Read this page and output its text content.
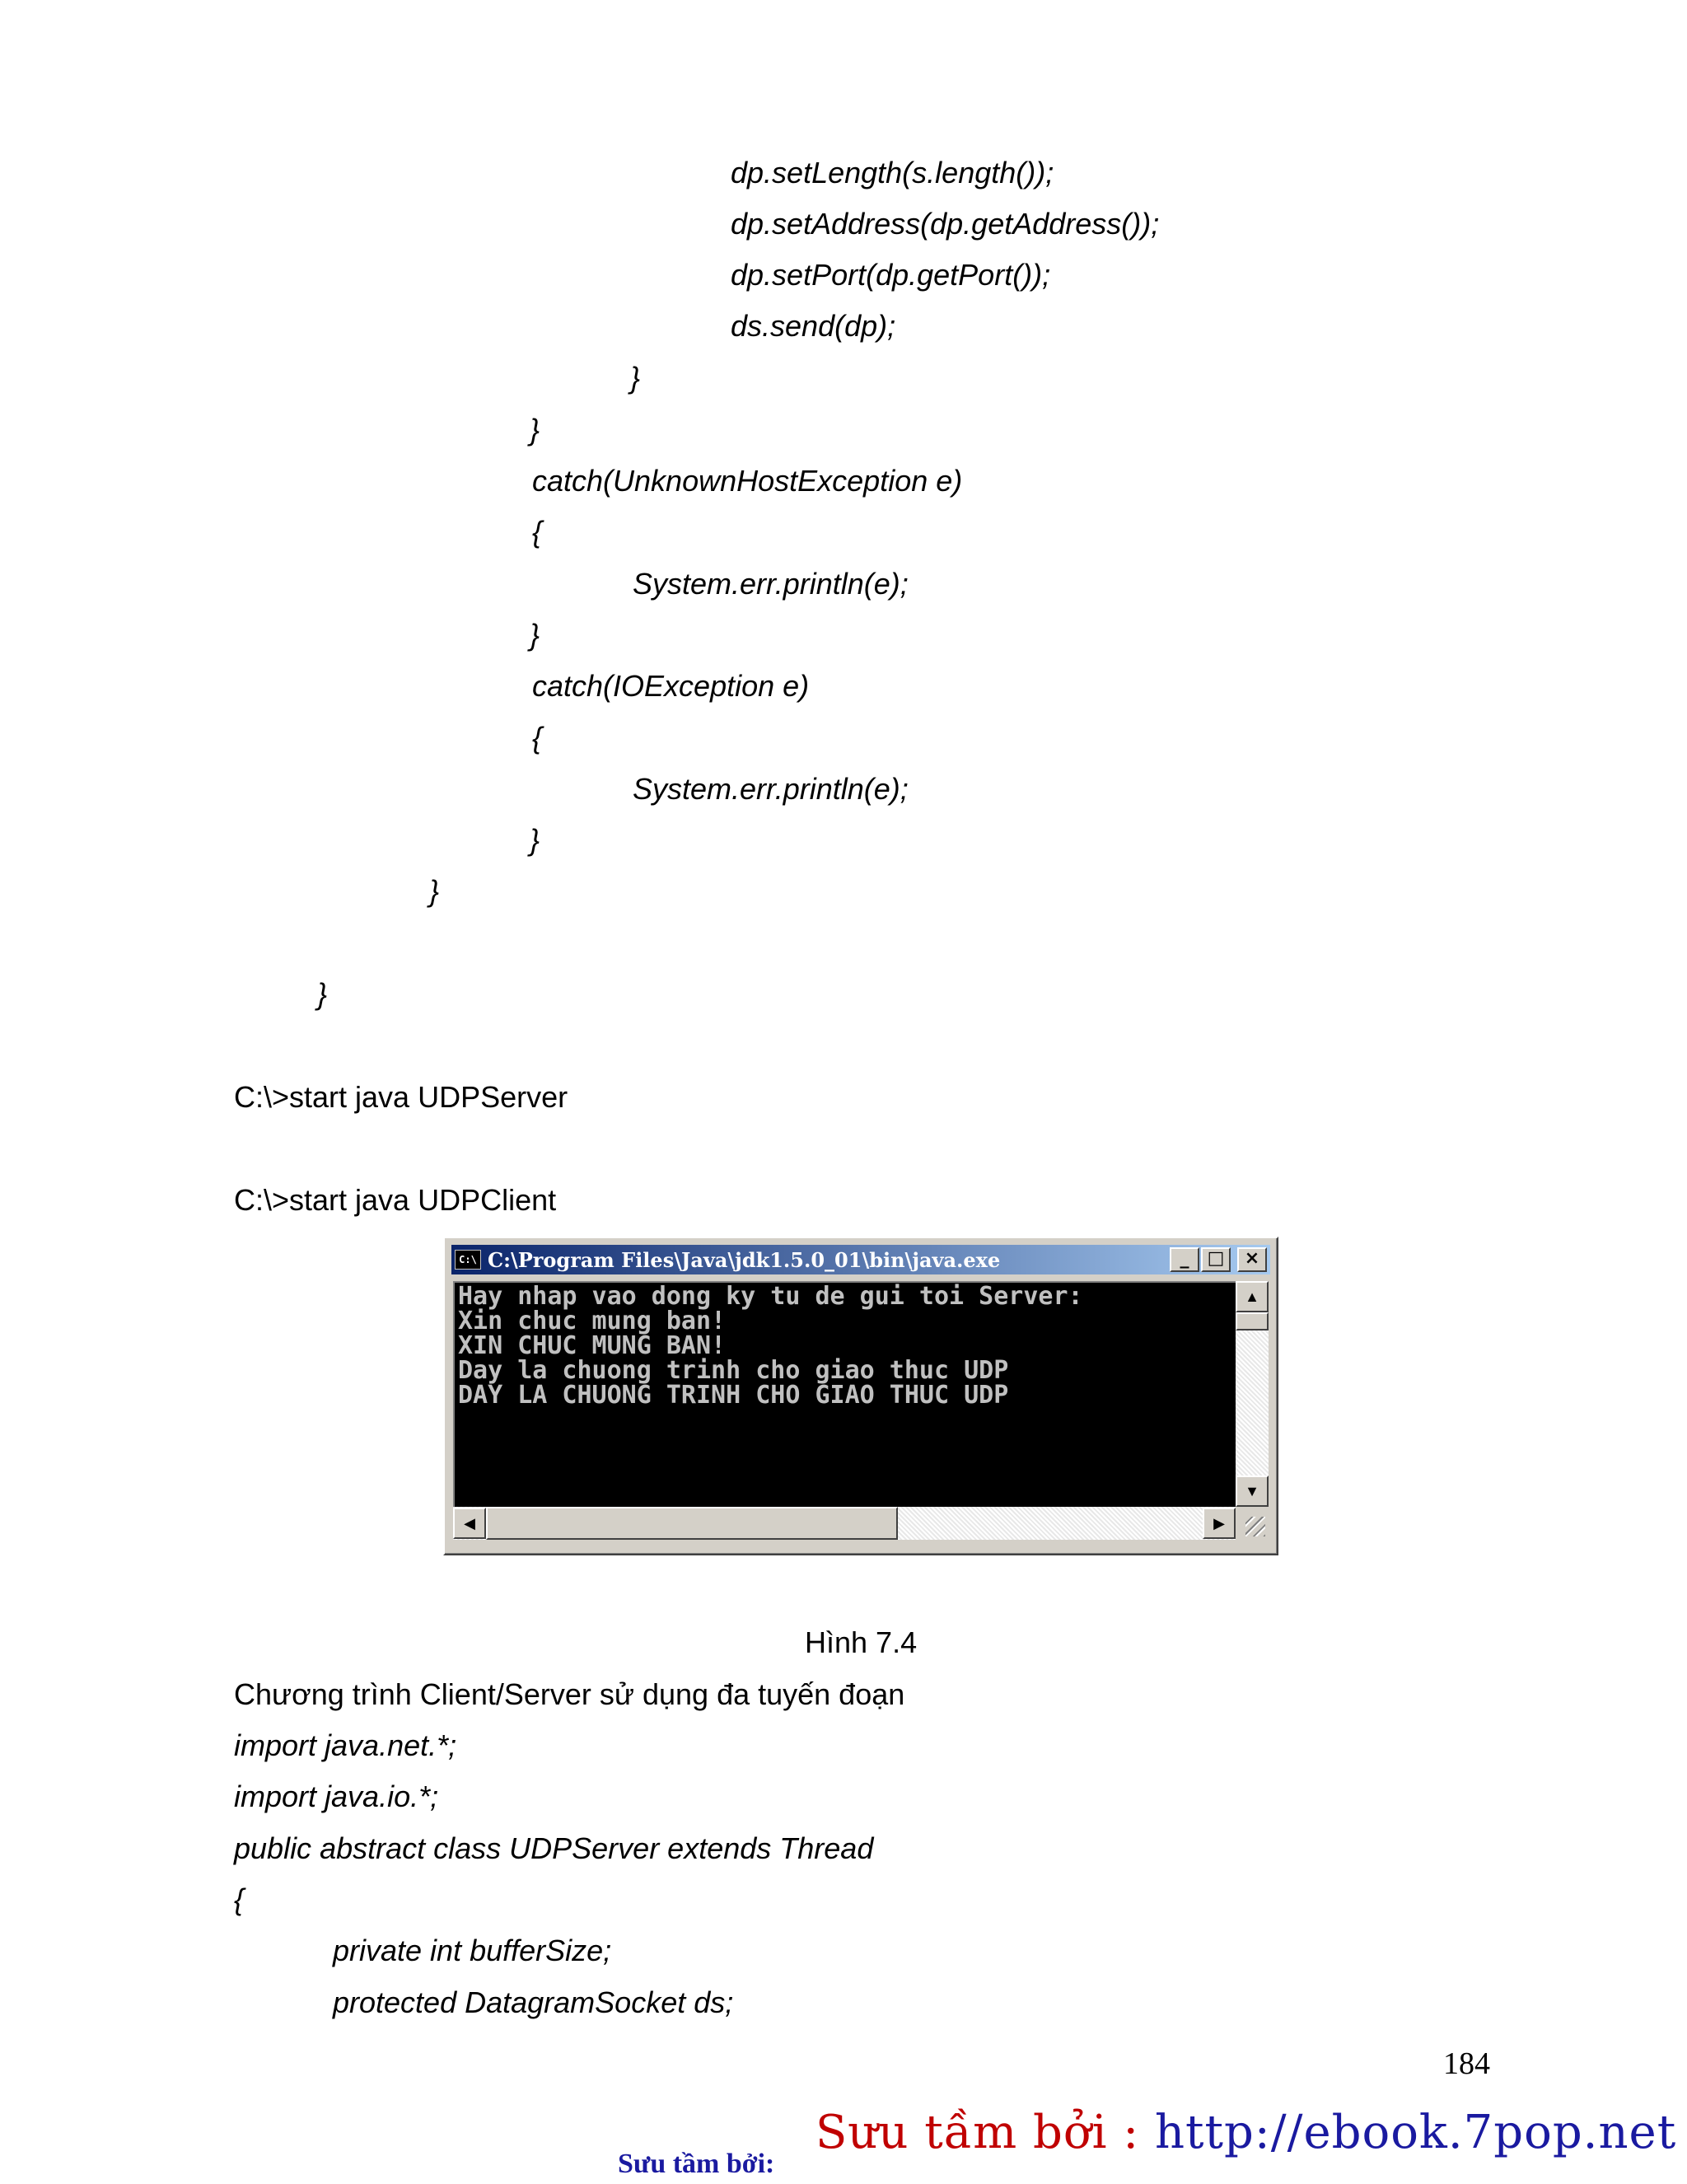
dp.setLength(s.length());
dp.setAddress(dp.getAddress());
dp.setPort(dp.getPort());
ds.send(dp);
}
}
catch(UnknownHostException e)
{
System.err.println(e);
}
catch(IOException e)
{
System.err.println(e);
}
}
}
C:\>start java UDPServer
C:\>start java UDPClient
C:\ C:\Program Files\Java\jdk1.5.0_01\bin\java.exe	_	□	×
Hay nhap vao dong ky tu de gui toi Server:
Xin chuc mung ban!
XIN CHUC MUNG BAN!
Day la chuong trinh cho giao thuc UDP
DAY LA CHUONG TRINH CHO GIAO THUC UDP
▲
▼
◀	▶
Hình 7.4
Chương trình Client/Server sử dụng đa tuyến đoạn
import java.net.*;
import java.io.*;
public abstract class UDPServer extends Thread
{
private int bufferSize;
protected DatagramSocket ds;
184
Sưu tầm bởi : http://ebook.7pop.net
Sưu tầm bởi:
